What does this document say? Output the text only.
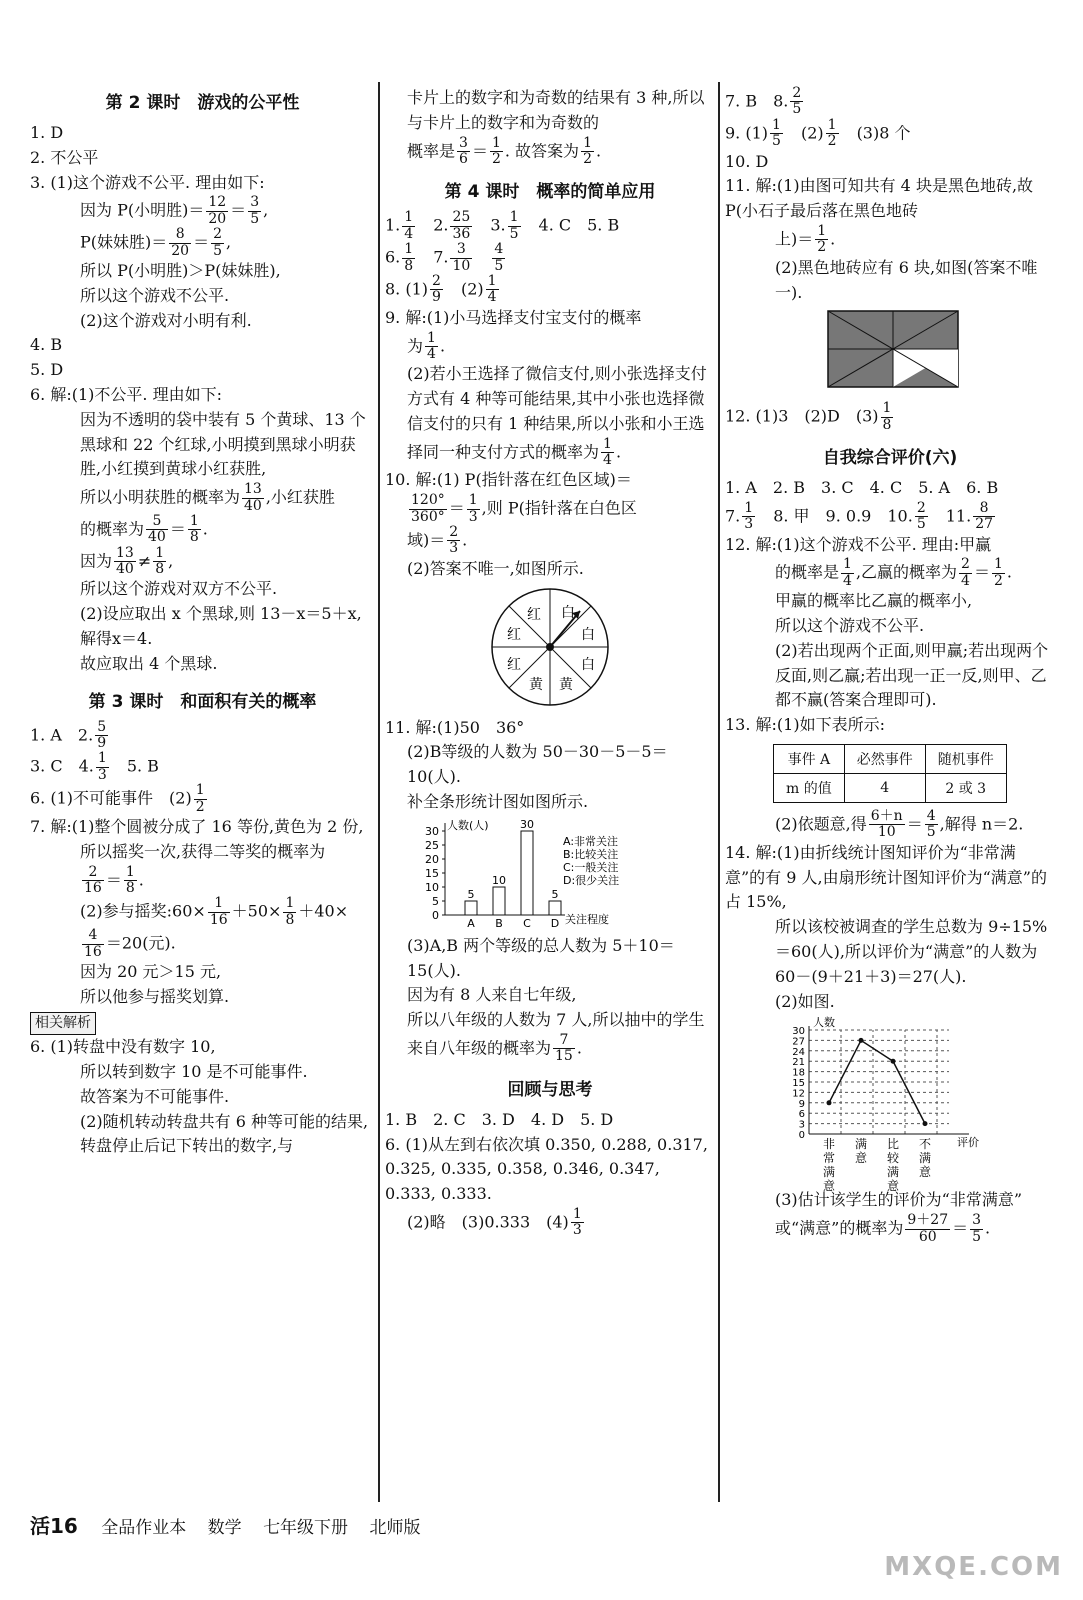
第 2 课时　游戏的公平性

1. D

2. 不公平

3. (1)这个游戏不公平. 理由如下:

因为 P(小明胜)＝ $\frac{12}{20} = \frac{3}{5}$ ,

P(妹妹胜)＝ $\frac{8}{20} = \frac{2}{5}$ ,

所以 P(小明胜)＞P(妹妹胜),

所以这个游戏不公平.

(2)这个游戏对小明有利.

4. B

5. D

6. 解:(1)不公平. 理由如下:

因为不透明的袋中装有 5 个黄球、13 个黑球和 22 个红球,小明摸到黑球小明获胜,小红摸到黄球小红获胜,

所以小明获胜的概率为 $\frac{13}{40}$ ,小红获胜

的概率为 $\frac{5}{40} = \frac{1}{8}$ .

因为 $\frac{13}{40} \ne \frac{1}{8}$ ,

所以这个游戏对双方不公平.

(2)设应取出 x 个黑球,则 13－x＝5＋x,解得x＝4.

故应取出 4 个黑球.

第 3 课时　和面积有关的概率

1. A　2. $\frac{5}{9}$

3. C　4. $\frac{1}{3}$
　 5. B

6. (1)不可能事件　$(2) \frac{1}{2}$

7. 解:(1)整个圆被分成了 16 等份,黄色为 2 份,

所以摇奖一次,获得二等奖的概率为

$\frac{2}{16} = \frac{1}{8}$ .

(2)参与摇奖:60× $\frac{1}{16} +50\times \frac{1}{8} +40\times$

$\frac{4}{16} =20$(元).

因为 20 元＞15 元,

所以他参与摇奖划算.

相关解析

6. (1)转盘中没有数字 10,

所以转到数字 10 是不可能事件.

故答案为不可能事件.

(2)随机转动转盘共有 6 种等可能的结果,转盘停止后记下转出的数字,与

卡片上的数字和为奇数的结果有 3 种,所以与卡片上的数字和为奇数的

概率是 $\frac{3}{6} = \frac{1}{2}$ . 故答案为 $\frac{1}{2}$ .

第 4 课时　概率的简单应用

1. $\frac{1}{4}$
　 2. $\frac{25}{36}$
　 3. $\frac{1}{5}$
　 4. C　5. B

6. $\frac{1}{8}$
　 7. $\frac{3}{10}$
　 $\frac{4}{5}$

8. $(1) \frac{2}{9}$
　 $(2) \frac{1}{4}$

9. 解:(1)小马选择支付宝支付的概率

为 $\frac{1}{4}$ .

(2)若小王选择了微信支付,则小张选择支付方式有 4 种等可能结果,其中小张也选择微信支付的只有 1 种结果,所以小张和小王选择同一种支付方式的概率为 $\frac{1}{4}$ .

10. 解:(1) P(指针落在红色区域)＝

$\frac{120^\circ}{360^\circ} = \frac{1}{3}$ ,则 P(指针落在白色区

域)＝ $\frac{2}{3}$ .

(2)答案不唯一,如图所示.

红 白
红	白
红
黄 黄
白

11. 解:(1)50　36°

(2)B等级的人数为 50－30－5－5＝10(人).

补全条形统计图如图所示.

人数(人)
关注程度
30
25
20
15
10
5
0
5
A
10
B
30
C
5
D
A:非常关注
B:比较关注
C:一般关注
D:很少关注

(3)A,B 两个等级的总人数为 5＋10＝15(人).

因为有 8 人来自七年级,

所以八年级的人数为 7 人,所以抽中的学生来自八年级的概率为 $\frac{7}{15}$ .

回顾与思考

1. B　2. C　3. D　4. D　5. D

6. (1)从左到右依次填 0.350, 0.288, 0.317, 0.325, 0.335, 0.358, 0.346, 0.347, 0.333, 0.333.

(2)略　(3)0.333　$(4) \frac{1}{3}$

7. B　8. $\frac{2}{5}$

9. $(1) \frac{1}{5}$
　 $(2) \frac{1}{2}$
　 (3)8 个

10. D

11. 解:(1)由图可知共有 4 块是黑色地砖,故 P(小石子最后落在黑色地砖

上)＝ $\frac{1}{2}$ .

(2)黑色地砖应有 6 块,如图(答案不唯一).

12. (1)3　(2)D　$(3) \frac{1}{8}$

自我综合评价(六)

1. A　2. B　3. C　4. C　5. A　6. B

7. $\frac{1}{3}$
　 8. 甲　9. 0.9　10. $\frac{2}{5}$
　 11. $\frac{8}{27}$

12. 解:(1)这个游戏不公平. 理由:甲赢

的概率是 $\frac{1}{4}$ ,乙赢的概率为 $\frac{2}{4} = \frac{1}{2}$ .

甲赢的概率比乙赢的概率小,

所以这个游戏不公平.

(2)若出现两个正面,则甲赢;若出现两个反面,则乙赢;若出现一正一反,则甲、乙都不赢(答案合理即可).

13. 解:(1)如下表所示:

事件 A	必然事件	随机事件
m 的值	4	2 或 3

(2)依题意,得 $\frac{6+n}{10} = \frac{4}{5}$ ,解得 n＝2.

14. 解:(1)由折线统计图知评价为“非常满意”的有 9 人,由扇形统计图知评价为“满意”的占 15%,

所以该校被调查的学生总数为 9÷15%＝60(人),所以评价为“满意”的人数为60－(9＋21＋3)＝27(人).

(2)如图.

人数
评价
30
27
24
21
18
15
12
9
6
3
0
非常满意
满意
比较满意
不满意

(3)估计该学生的评价为“非常满意”

或“满意”的概率为 $\frac{9+27}{60} = \frac{3}{5}$ .

活16 全品作业本 数学 七年级下册 北师版
MXQE.COM
